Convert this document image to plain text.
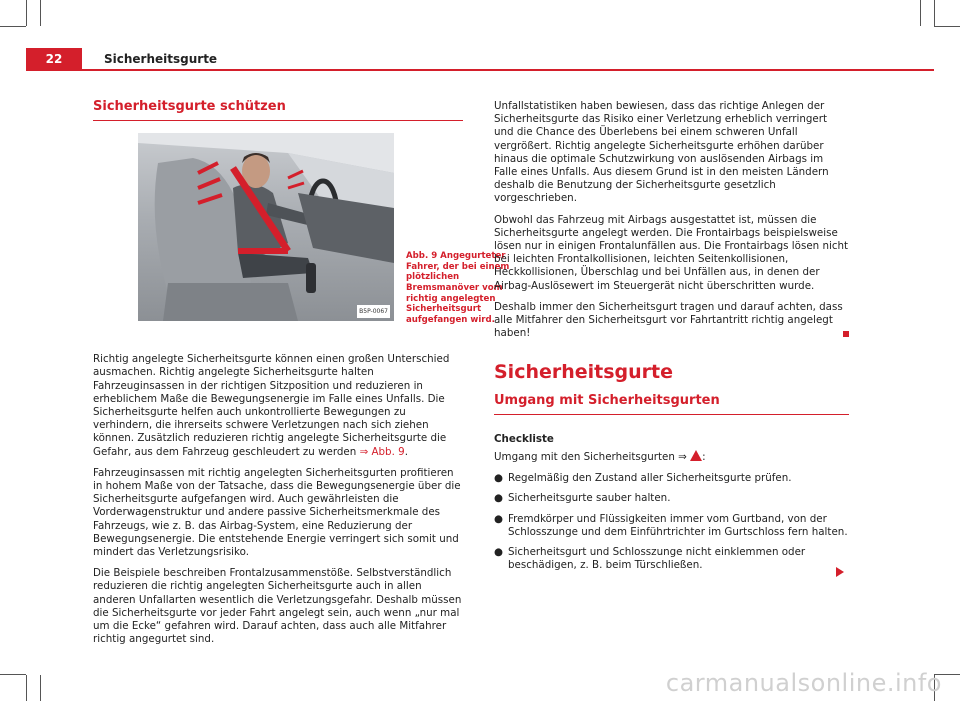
22	Sicherheitsgurte
Sicherheitsgurte schützen
B5P-0067
Abb. 9 Angegurteter Fahrer, der bei einem plötzlichen Bremsmanöver vom richtig angelegten Sicherheitsgurt aufgefangen wird.

Richtig angelegte Sicherheitsgurte können einen großen Unterschied ausmachen. Richtig angelegte Sicherheitsgurte halten Fahrzeuginsassen in der richtigen Sitzposition und reduzieren in erheblichem Maße die Bewegungsenergie im Falle eines Unfalls. Die Sicherheitsgurte helfen auch unkontrollierte Bewegungen zu verhindern, die ihrerseits schwere Verletzungen nach sich ziehen können. Zusätzlich reduzieren richtig angelegte Sicherheitsgurte die Gefahr, aus dem Fahrzeug geschleudert zu werden ⇒ Abb. 9.

Fahrzeuginsassen mit richtig angelegten Sicherheitsgurten profitieren in hohem Maße von der Tatsache, dass die Bewegungsenergie über die Sicherheitsgurte aufgefangen wird. Auch gewährleisten die Vorderwagenstruktur und andere passive Sicherheitsmerkmale des Fahrzeugs, wie z. B. das Airbag-System, eine Reduzierung der Bewegungsenergie. Die entstehende Energie verringert sich somit und mindert das Verletzungsrisiko.

Die Beispiele beschreiben Frontalzusammenstöße. Selbstverständlich reduzieren die richtig angelegten Sicherheitsgurte auch in allen anderen Unfallarten wesentlich die Verletzungsgefahr. Deshalb müssen die Sicherheitsgurte vor jeder Fahrt angelegt sein, auch wenn „nur mal um die Ecke“ gefahren wird. Darauf achten, dass auch alle Mitfahrer richtig angegurtet sind.

Unfallstatistiken haben bewiesen, dass das richtige Anlegen der Sicherheitsgurte das Risiko einer Verletzung erheblich verringert und die Chance des Überlebens bei einem schweren Unfall vergrößert. Richtig angelegte Sicherheitsgurte erhöhen darüber hinaus die optimale Schutzwirkung von auslösenden Airbags im Falle eines Unfalls. Aus diesem Grund ist in den meisten Ländern deshalb die Benutzung der Sicherheitsgurte gesetzlich vorgeschrieben.

Obwohl das Fahrzeug mit Airbags ausgestattet ist, müssen die Sicherheitsgurte angelegt werden. Die Frontairbags beispielsweise lösen nur in einigen Frontalunfällen aus. Die Frontairbags lösen nicht bei leichten Frontalkollisionen, leichten Seitenkollisionen, Heckkollisionen, Überschlag und bei Unfällen aus, in denen der Airbag-Auslösewert im Steuergerät nicht überschritten wurde.

Deshalb immer den Sicherheitsgurt tragen und darauf achten, dass alle Mitfahrer den Sicherheitsgurt vor Fahrtantritt richtig angelegt haben!

Sicherheitsgurte
Umgang mit Sicherheitsgurten
Checkliste

Umgang mit den Sicherheitsgurten ⇒ :

● Regelmäßig den Zustand aller Sicherheitsgurte prüfen.
● Sicherheitsgurte sauber halten.
● Fremdkörper und Flüssigkeiten immer vom Gurtband, von der Schlosszunge und dem Einführtrichter im Gurtschloss fern halten.
● Sicherheitsgurt und Schlosszunge nicht einklemmen oder beschädigen, z. B. beim Türschließen.
carmanualsonline.info
